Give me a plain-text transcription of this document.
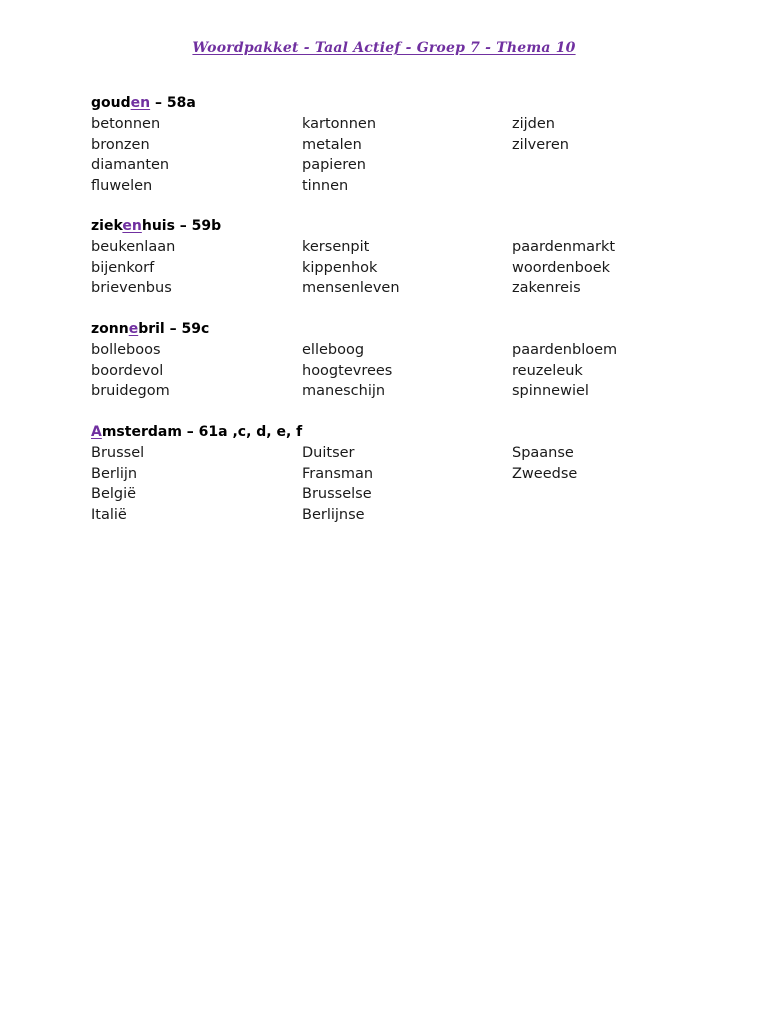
Woordpakket - Taal Actief - Groep 7 - Thema 10
gouden – 58a
betonnen	kartonnen	zijden
bronzen	metalen	zilveren
diamanten	papieren
fluwelen	tinnen
ziekenhuis – 59b
beukenlaan	kersenpit	paardenmarkt
bijenkorf	kippenhok	woordenboek
brievenbus	mensenleven	zakenreis
zonnebril – 59c
bolleboos	elleboog	paardenbloem
boordevol	hoogtevrees	reuzeleuk
bruidegom	maneschijn	spinnewiel
Amsterdam – 61a ,c, d, e, f
Brussel	Duitser	Spaanse
Berlijn	Fransman	Zweedse
België	Brusselse
Italië	Berlijnse
